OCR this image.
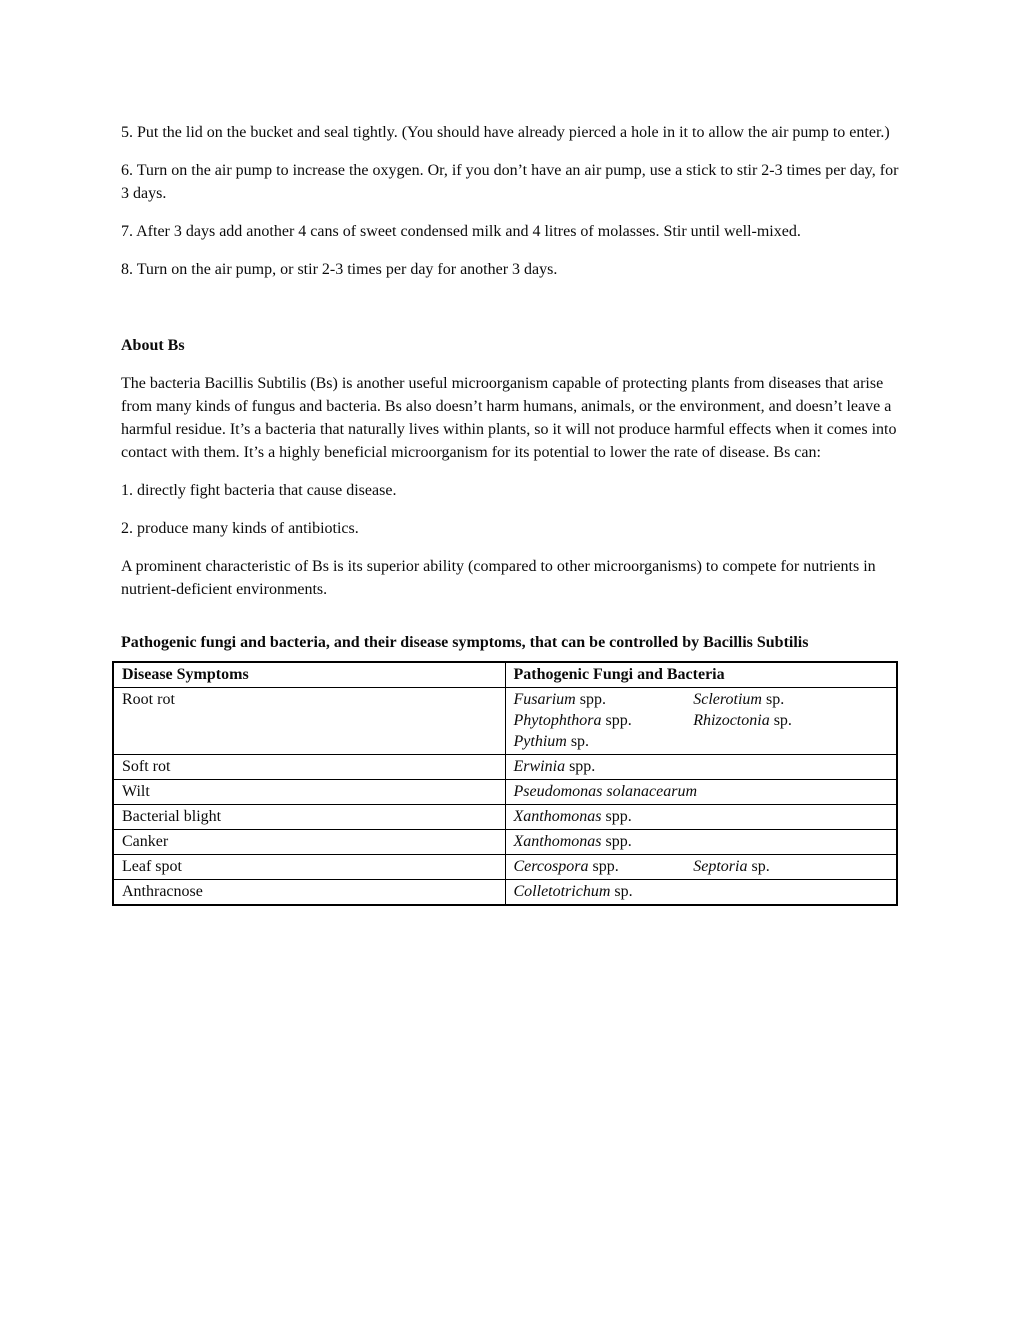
5. Put the lid on the bucket and seal tightly. (You should have already pierced a hole in it to allow the air pump to enter.)

6. Turn on the air pump to increase the oxygen. Or, if you don’t have an air pump, use a stick to stir 2-3 times per day, for 3 days.

7. After 3 days add another 4 cans of sweet condensed milk and 4 litres of molasses. Stir until well-mixed.

8. Turn on the air pump, or stir 2-3 times per day for another 3 days.

About Bs

The bacteria Bacillis Subtilis (Bs) is another useful microorganism capable of protecting plants from diseases that arise from many kinds of fungus and bacteria. Bs also doesn’t harm humans, animals, or the environment, and doesn’t leave a harmful residue. It’s a bacteria that naturally lives within plants, so it will not produce harmful effects when it comes into contact with them. It’s a highly beneficial microorganism for its potential to lower the rate of disease. Bs can:

1. directly fight bacteria that cause disease.

2. produce many kinds of antibiotics.

A prominent characteristic of Bs is its superior ability (compared to other microorganisms) to compete for nutrients in nutrient-deficient environments.

Pathogenic fungi and bacteria, and their disease symptoms, that can be controlled by Bacillis Subtilis

Disease Symptoms	Pathogenic Fungi and Bacteria
Root rot	Fusarium spp. Sclerotium sp.
Phytophthora spp. Rhizoctonia sp.
Pythium sp.

Soft rot	Erwinia spp.

Wilt	Pseudomonas solanacearum

Bacterial blight	Xanthomonas spp.

Canker	Xanthomonas spp.

Leaf spot	Cercospora spp. Septoria sp.

Anthracnose	Colletotrichum sp.
